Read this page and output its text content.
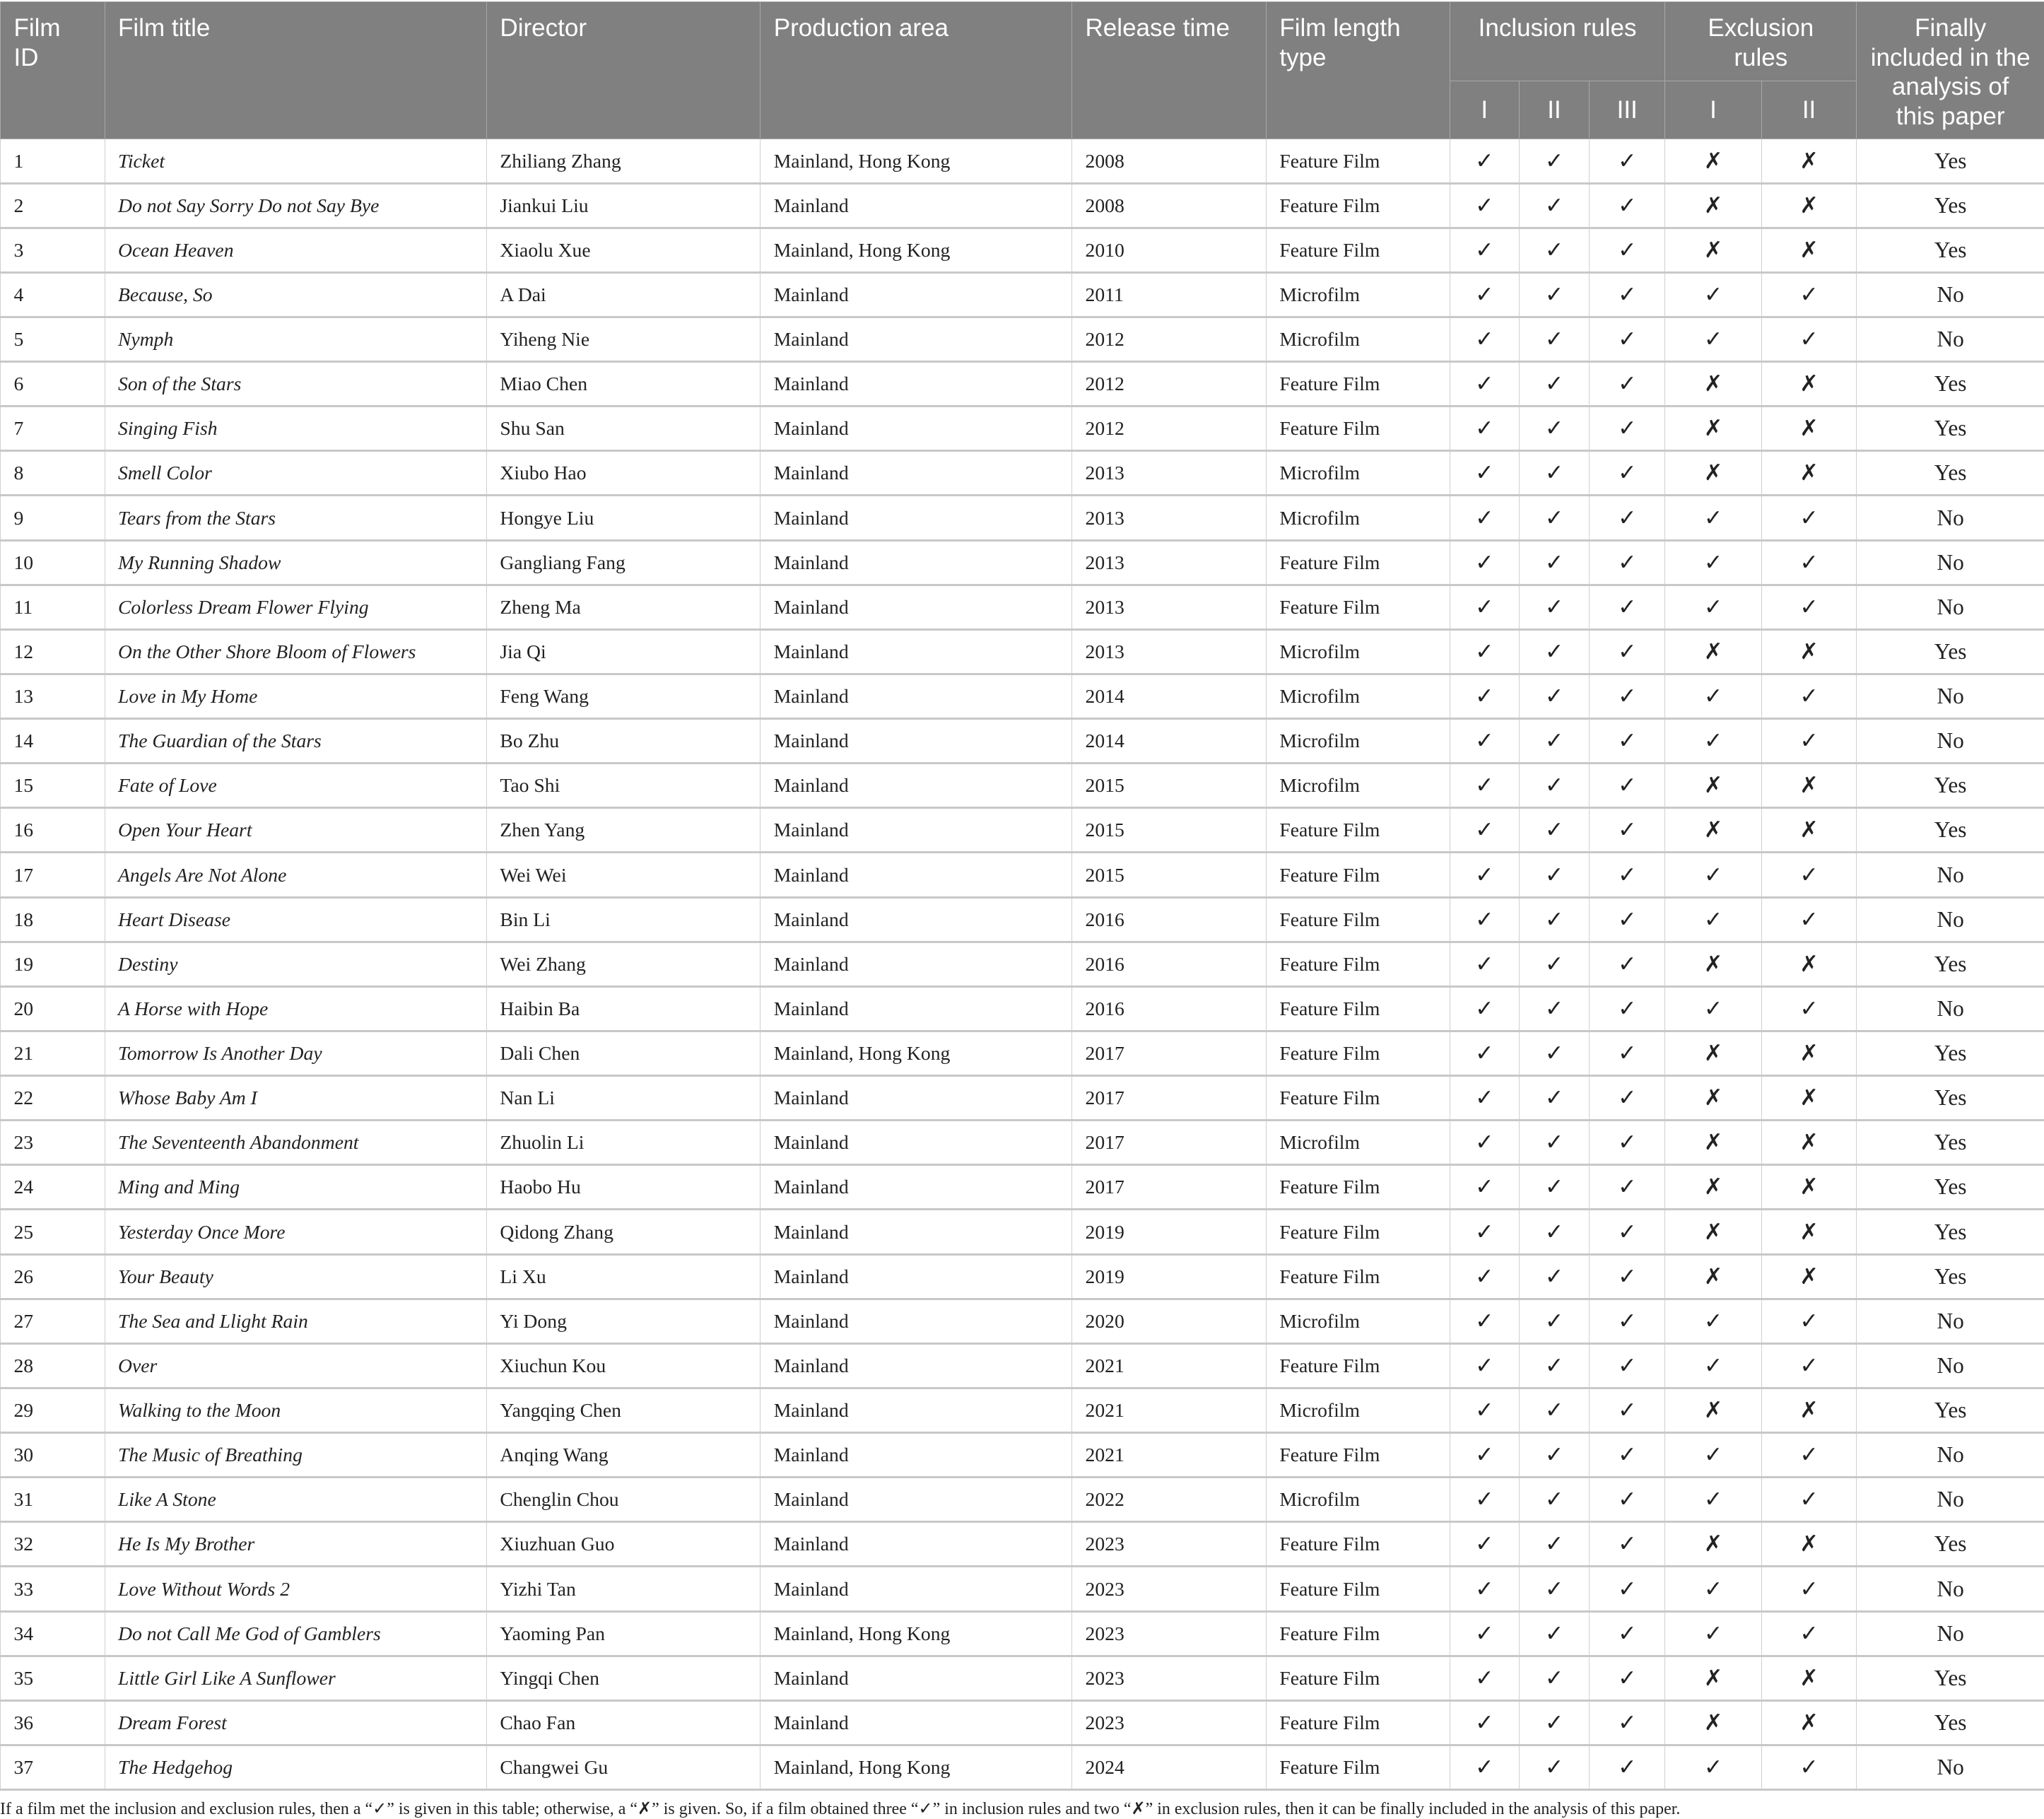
Film ID	Film title	Director	Production area	Release time	Film length type	Inclusion rules			Exclusion rules		Finally included in the analysis of this paper
						I	II	III	I	II	
1	Ticket	Zhiliang Zhang	Mainland, Hong Kong	2008	Feature Film	✓	✓	✓	✗	✗	Yes
2	Do not Say Sorry Do not Say Bye	Jiankui Liu	Mainland	2008	Feature Film	✓	✓	✓	✗	✗	Yes
3	Ocean Heaven	Xiaolu Xue	Mainland, Hong Kong	2010	Feature Film	✓	✓	✓	✗	✗	Yes
4	Because, So	A Dai	Mainland	2011	Microfilm	✓	✓	✓	✓	✓	No
5	Nymph	Yiheng Nie	Mainland	2012	Microfilm	✓	✓	✓	✓	✓	No
6	Son of the Stars	Miao Chen	Mainland	2012	Feature Film	✓	✓	✓	✗	✗	Yes
7	Singing Fish	Shu San	Mainland	2012	Feature Film	✓	✓	✓	✗	✗	Yes
8	Smell Color	Xiubo Hao	Mainland	2013	Microfilm	✓	✓	✓	✗	✗	Yes
9	Tears from the Stars	Hongye Liu	Mainland	2013	Microfilm	✓	✓	✓	✓	✓	No
10	My Running Shadow	Gangliang Fang	Mainland	2013	Feature Film	✓	✓	✓	✓	✓	No
11	Colorless Dream Flower Flying	Zheng Ma	Mainland	2013	Feature Film	✓	✓	✓	✓	✓	No
12	On the Other Shore Bloom of Flowers	Jia Qi	Mainland	2013	Microfilm	✓	✓	✓	✗	✗	Yes
13	Love in My Home	Feng Wang	Mainland	2014	Microfilm	✓	✓	✓	✓	✓	No
14	The Guardian of the Stars	Bo Zhu	Mainland	2014	Microfilm	✓	✓	✓	✓	✓	No
15	Fate of Love	Tao Shi	Mainland	2015	Microfilm	✓	✓	✓	✗	✗	Yes
16	Open Your Heart	Zhen Yang	Mainland	2015	Feature Film	✓	✓	✓	✗	✗	Yes
17	Angels Are Not Alone	Wei Wei	Mainland	2015	Feature Film	✓	✓	✓	✓	✓	No
18	Heart Disease	Bin Li	Mainland	2016	Feature Film	✓	✓	✓	✓	✓	No
19	Destiny	Wei Zhang	Mainland	2016	Feature Film	✓	✓	✓	✗	✗	Yes
20	A Horse with Hope	Haibin Ba	Mainland	2016	Feature Film	✓	✓	✓	✓	✓	No
21	Tomorrow Is Another Day	Dali Chen	Mainland, Hong Kong	2017	Feature Film	✓	✓	✓	✗	✗	Yes
22	Whose Baby Am I	Nan Li	Mainland	2017	Feature Film	✓	✓	✓	✗	✗	Yes
23	The Seventeenth Abandonment	Zhuolin Li	Mainland	2017	Microfilm	✓	✓	✓	✗	✗	Yes
24	Ming and Ming	Haobo Hu	Mainland	2017	Feature Film	✓	✓	✓	✗	✗	Yes
25	Yesterday Once More	Qidong Zhang	Mainland	2019	Feature Film	✓	✓	✓	✗	✗	Yes
26	Your Beauty	Li Xu	Mainland	2019	Feature Film	✓	✓	✓	✗	✗	Yes
27	The Sea and Llight Rain	Yi Dong	Mainland	2020	Microfilm	✓	✓	✓	✓	✓	No
28	Over	Xiuchun Kou	Mainland	2021	Feature Film	✓	✓	✓	✓	✓	No
29	Walking to the Moon	Yangqing Chen	Mainland	2021	Microfilm	✓	✓	✓	✗	✗	Yes
30	The Music of Breathing	Anqing Wang	Mainland	2021	Feature Film	✓	✓	✓	✓	✓	No
31	Like A Stone	Chenglin Chou	Mainland	2022	Microfilm	✓	✓	✓	✓	✓	No
32	He Is My Brother	Xiuzhuan Guo	Mainland	2023	Feature Film	✓	✓	✓	✗	✗	Yes
33	Love Without Words 2	Yizhi Tan	Mainland	2023	Feature Film	✓	✓	✓	✓	✓	No
34	Do not Call Me God of Gamblers	Yaoming Pan	Mainland, Hong Kong	2023	Feature Film	✓	✓	✓	✓	✓	No
35	Little Girl Like A Sunflower	Yingqi Chen	Mainland	2023	Feature Film	✓	✓	✓	✗	✗	Yes
36	Dream Forest	Chao Fan	Mainland	2023	Feature Film	✓	✓	✓	✗	✗	Yes
37	The Hedgehog	Changwei Gu	Mainland, Hong Kong	2024	Feature Film	✓	✓	✓	✓	✓	No
If a film met the inclusion and exclusion rules, then a “✓” is given in this table; otherwise, a “✗” is given. So, if a film obtained three “✓” in inclusion rules and two “✗” in exclusion rules, then it can be finally included in the analysis of this paper.
